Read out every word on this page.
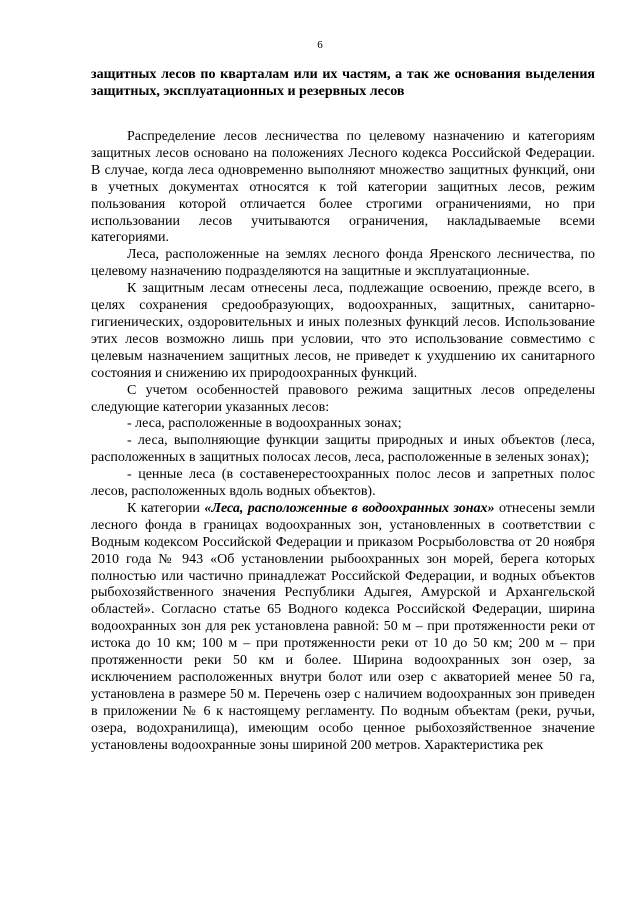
6
защитных лесов по кварталам или их частям, а так же основания выделения защитных, эксплуатационных и резервных лесов

Распределение лесов лесничества по целевому назначению и категориям защитных лесов основано на положениях Лесного кодекса Российской Федерации. В случае, когда леса одновременно выполняют множество защитных функций, они в учетных документах относятся к той категории защитных лесов, режим пользования которой отличается более строгими ограничениями, но при использовании лесов учитываются ограничения, накладываемые всеми категориями.

Леса, расположенные на землях лесного фонда Яренского лесничества, по целевому назначению подразделяются на защитные и эксплуатационные.

К защитным лесам отнесены леса, подлежащие освоению, прежде всего, в целях сохранения средообразующих, водоохранных, защитных, санитарно-гигиенических, оздоровительных и иных полезных функций лесов. Использование этих лесов возможно лишь при условии, что это использование совместимо с целевым назначением защитных лесов, не приведет к ухудшению их санитарного состояния и снижению их природоохранных функций.

С учетом особенностей правового режима защитных лесов определены следующие категории указанных лесов:

- леса, расположенные в водоохранных зонах;

- леса, выполняющие функции защиты природных и иных объектов (леса, расположенных в защитных полосах лесов, леса, расположенные в зеленых зонах);

- ценные леса (в составенерестоохранных полос лесов и запретных полос лесов, расположенных вдоль водных объектов).

К категории «Леса, расположенные в водоохранных зонах» отнесены земли лесного фонда в границах водоохранных зон, установленных в соответствии с Водным кодексом Российской Федерации и приказом Росрыболовства от 20 ноября 2010 года № 943 «Об установлении рыбоохранных зон морей, берега которых полностью или частично принадлежат Российской Федерации, и водных объектов рыбохозяйственного значения Республики Адыгея, Амурской и Архангельской областей». Согласно статье 65 Водного кодекса Российской Федерации, ширина водоохранных зон для рек установлена равной: 50 м – при протяженности реки от истока до 10 км; 100 м – при протяженности реки от 10 до 50 км; 200 м – при протяженности реки 50 км и более. Ширина водоохранных зон озер, за исключением расположенных внутри болот или озер с акваторией менее 50 га, установлена в размере 50 м. Перечень озер с наличием водоохранных зон приведен в приложении № 6 к настоящему регламенту. По водным объектам (реки, ручьи, озера, водохранилища), имеющим особо ценное рыбохозяйственное значение установлены водоохранные зоны шириной 200 метров. Характеристика рек
